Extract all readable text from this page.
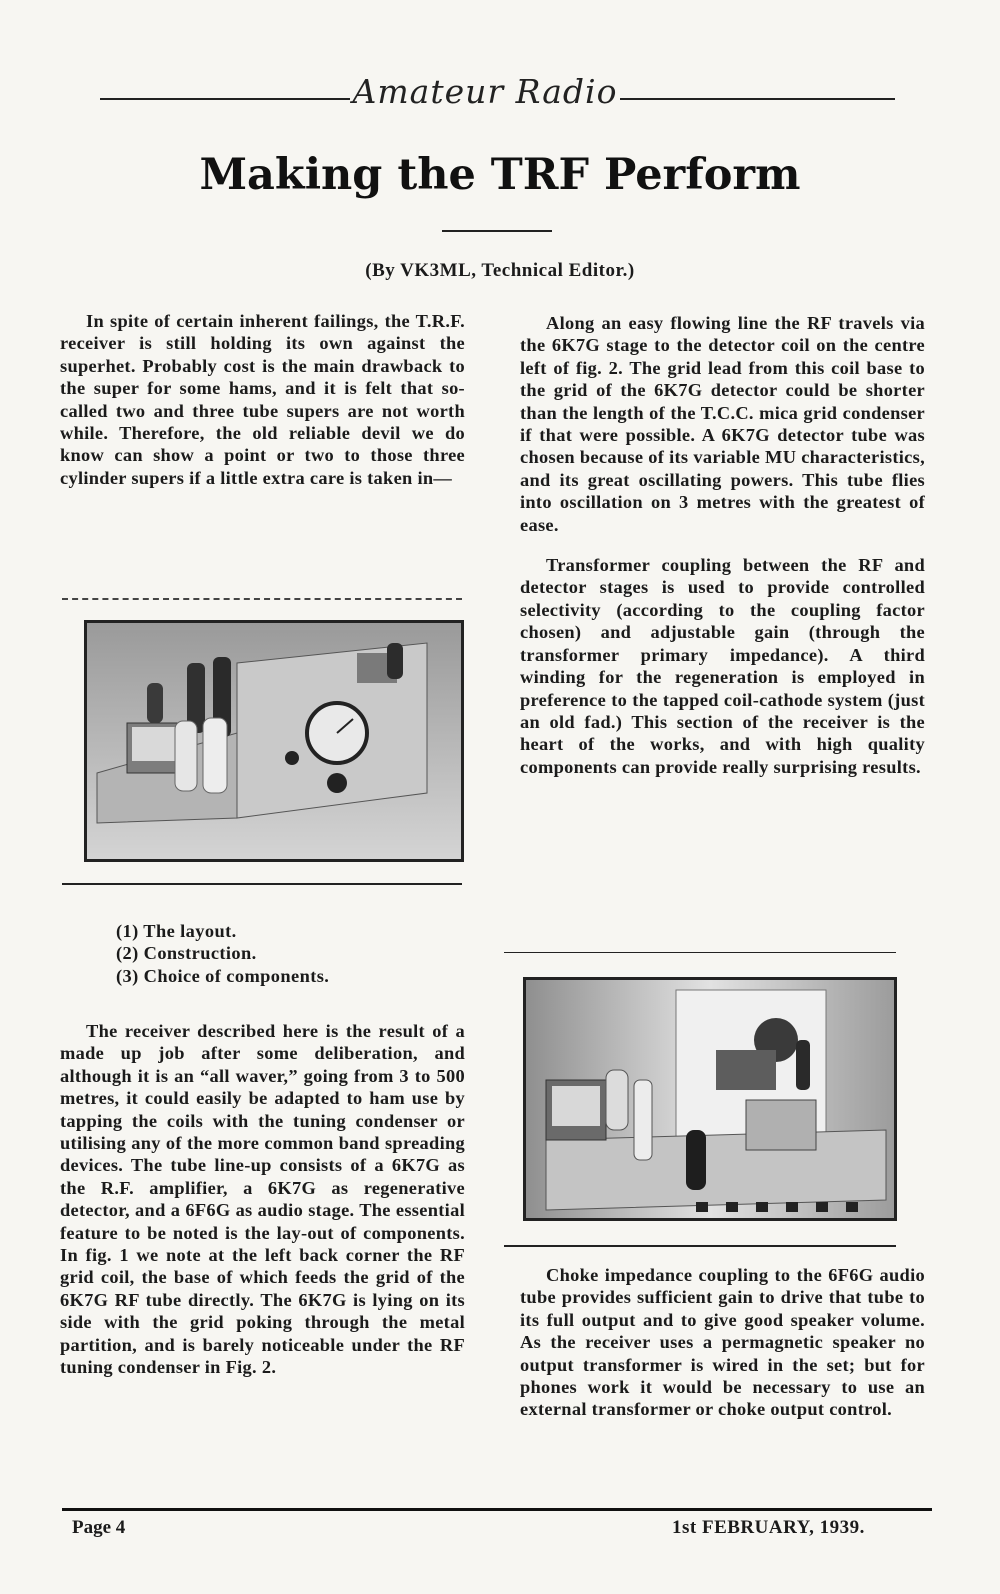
Amateur Radio
Making the TRF Perform
(By VK3ML, Technical Editor.)

In spite of certain inherent failings, the T.R.F. receiver is still holding its own against the superhet. Probably cost is the main drawback to the super for some hams, and it is felt that so-called two and three tube supers are not worth while. Therefore, the old reliable devil we do know can show a point or two to those three cylinder supers if a little extra care is taken in—

(1) The layout.
(2) Construction.
(3) Choice of components.

The receiver described here is the result of a made up job after some deliberation, and although it is an “all waver,” going from 3 to 500 metres, it could easily be adapted to ham use by tapping the coils with the tuning condenser or utilising any of the more common band spreading devices. The tube line-up consists of a 6K7G as the R.F. amplifier, a 6K7G as regenerative detector, and a 6F6G as audio stage. The essential feature to be noted is the lay-out of components. In fig. 1 we note at the left back corner the RF grid coil, the base of which feeds the grid of the 6K7G RF tube directly. The 6K7G is lying on its side with the grid poking through the metal partition, and is barely noticeable under the RF tuning condenser in Fig. 2.

Along an easy flowing line the RF travels via the 6K7G stage to the detector coil on the centre left of fig. 2. The grid lead from this coil base to the grid of the 6K7G detector could be shorter than the length of the T.C.C. mica grid condenser if that were possible. A 6K7G detector tube was chosen because of its variable MU characteristics, and its great oscillating powers. This tube flies into oscillation on 3 metres with the greatest of ease.

Transformer coupling between the RF and detector stages is used to provide controlled selectivity (according to the coupling factor chosen) and adjustable gain (through the transformer primary impedance). A third winding for the regeneration is employed in preference to the tapped coil-cathode system (just an old fad.) This section of the receiver is the heart of the works, and with high quality components can provide really surprising results.

Choke impedance coupling to the 6F6G audio tube provides sufficient gain to drive that tube to its full output and to give good speaker volume. As the receiver uses a permagnetic speaker no output transformer is wired in the set; but for phones work it would be necessary to use an external transformer or choke output control.

Page 4	1st FEBRUARY, 1939.
